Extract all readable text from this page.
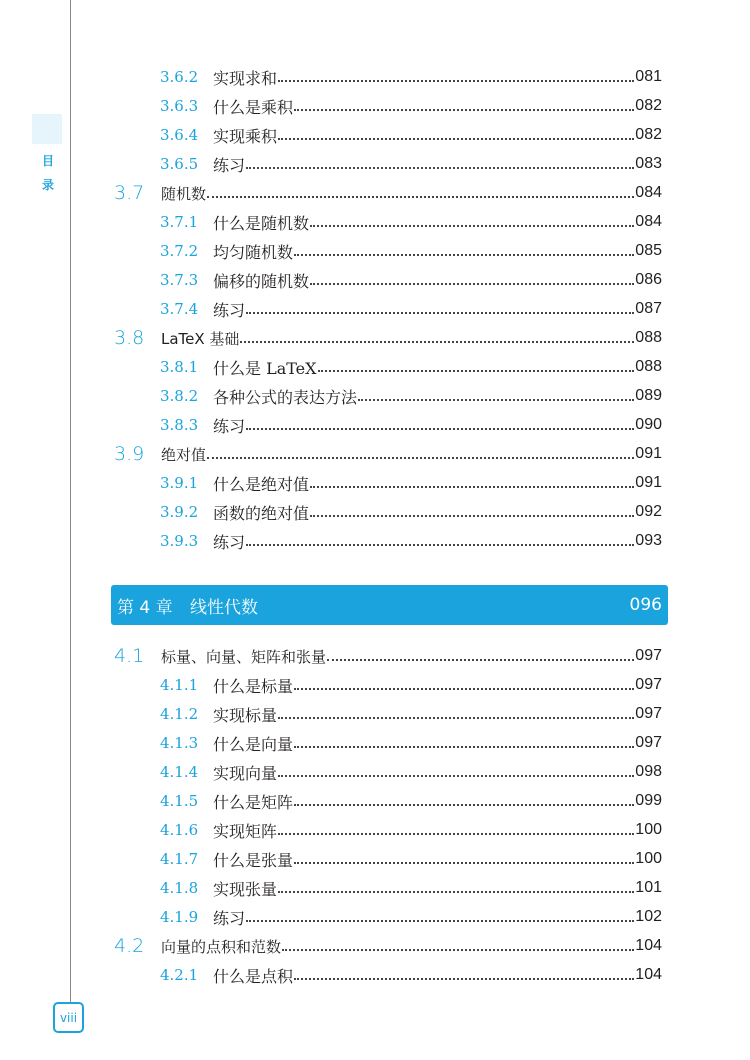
目
录
3.6.2 实现求和	081
3.6.3 什么是乘积	082
3.6.4 实现乘积	082
3.6.5 练习	083
3.7	随机数	084
3.7.1 什么是随机数	084
3.7.2 均匀随机数	085
3.7.3 偏移的随机数	086
3.7.4 练习	087
3.8	LaTeX 基础	088
3.8.1 什么是 LaTeX	088
3.8.2 各种公式的表达方法	089
3.8.3 练习	090
3.9	绝对值	091
3.9.1 什么是绝对值	091
3.9.2 函数的绝对值	092
3.9.3 练习	093
第 4 章 线性代数	096
4.1	标量、向量、矩阵和张量	097
4.1.1 什么是标量	097
4.1.2 实现标量	097
4.1.3 什么是向量	097
4.1.4 实现向量	098
4.1.5 什么是矩阵	099
4.1.6 实现矩阵	100
4.1.7 什么是张量	100
4.1.8 实现张量	101
4.1.9 练习	102
4.2	向量的点积和范数	104
4.2.1 什么是点积	104
viii
